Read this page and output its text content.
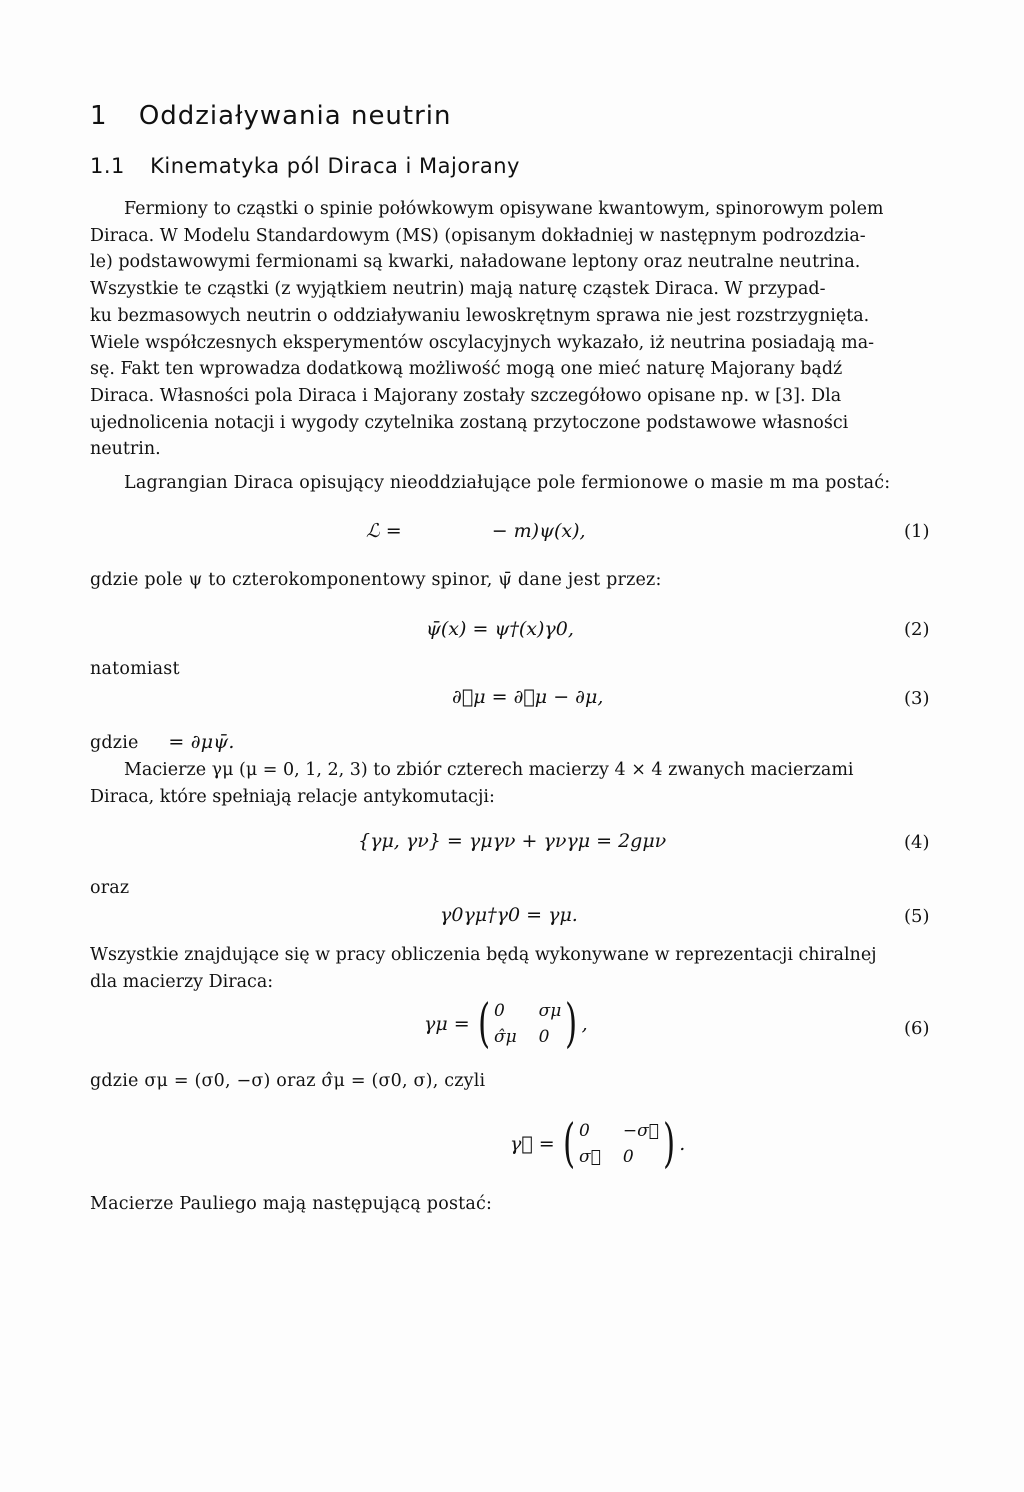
1 Oddziaływania neutrin
1.1 Kinematyka pól Diraca i Majorany
Fermiony to cząstki o spinie połówkowym opisywane kwantowym, spinorowym polem
Diraca. W Modelu Standardowym (MS) (opisanym dokładniej w następnym podrozdzia-
le) podstawowymi fermionami są kwarki, naładowane leptony oraz neutralne neutrina.
Wszystkie te cząstki (z wyjątkiem neutrin) mają naturę cząstek Diraca. W przypad-
ku bezmasowych neutrin o oddziaływaniu lewoskrętnym sprawa nie jest rozstrzygnięta.
Wiele współczesnych eksperymentów oscylacyjnych wykazało, iż neutrina posiadają ma-
sę. Fakt ten wprowadza dodatkową możliwość mogą one mieć naturę Majorany bądź
Diraca. Własności pola Diraca i Majorany zostały szczegółowo opisane np. w [3]. Dla
ujednolicenia notacji i wygody czytelnika zostaną przytoczone podstawowe własności
neutrin.
Lagrangian Diraca opisujący nieoddziałujące pole fermionowe o masie m ma postać:
ℒ =	− m)ψ(x),	(1)
gdzie pole ψ to czterokomponentowy spinor, ψ̄ dane jest przez:
ψ̄(x) = ψ†(x)γ0,	(2)
natomiast
∂⃡μ = ∂⃗μ − ∂μ,	(3)
gdzie = ∂μψ̄.
Macierze γμ (μ = 0, 1, 2, 3) to zbiór czterech macierzy 4 × 4 zwanych macierzami
Diraca, które spełniają relacje antykomutacji:
{γμ, γν} = γμγν + γνγμ = 2gμν	(4)
oraz
γ0γμ†γ0 = γμ.	(5)
Wszystkie znajdujące się w pracy obliczenia będą wykonywane w reprezentacji chiralnej
dla macierzy Diraca:
γμ = ( 0	σμ
σ̂μ 0 ) ,	(6)
gdzie σμ = (σ0, −σ) oraz σ̂μ = (σ0, σ), czyli
γ⃗ = ( 0	−σ⃗
σ⃗ 0 ) .
Macierze Pauliego mają następującą postać:
